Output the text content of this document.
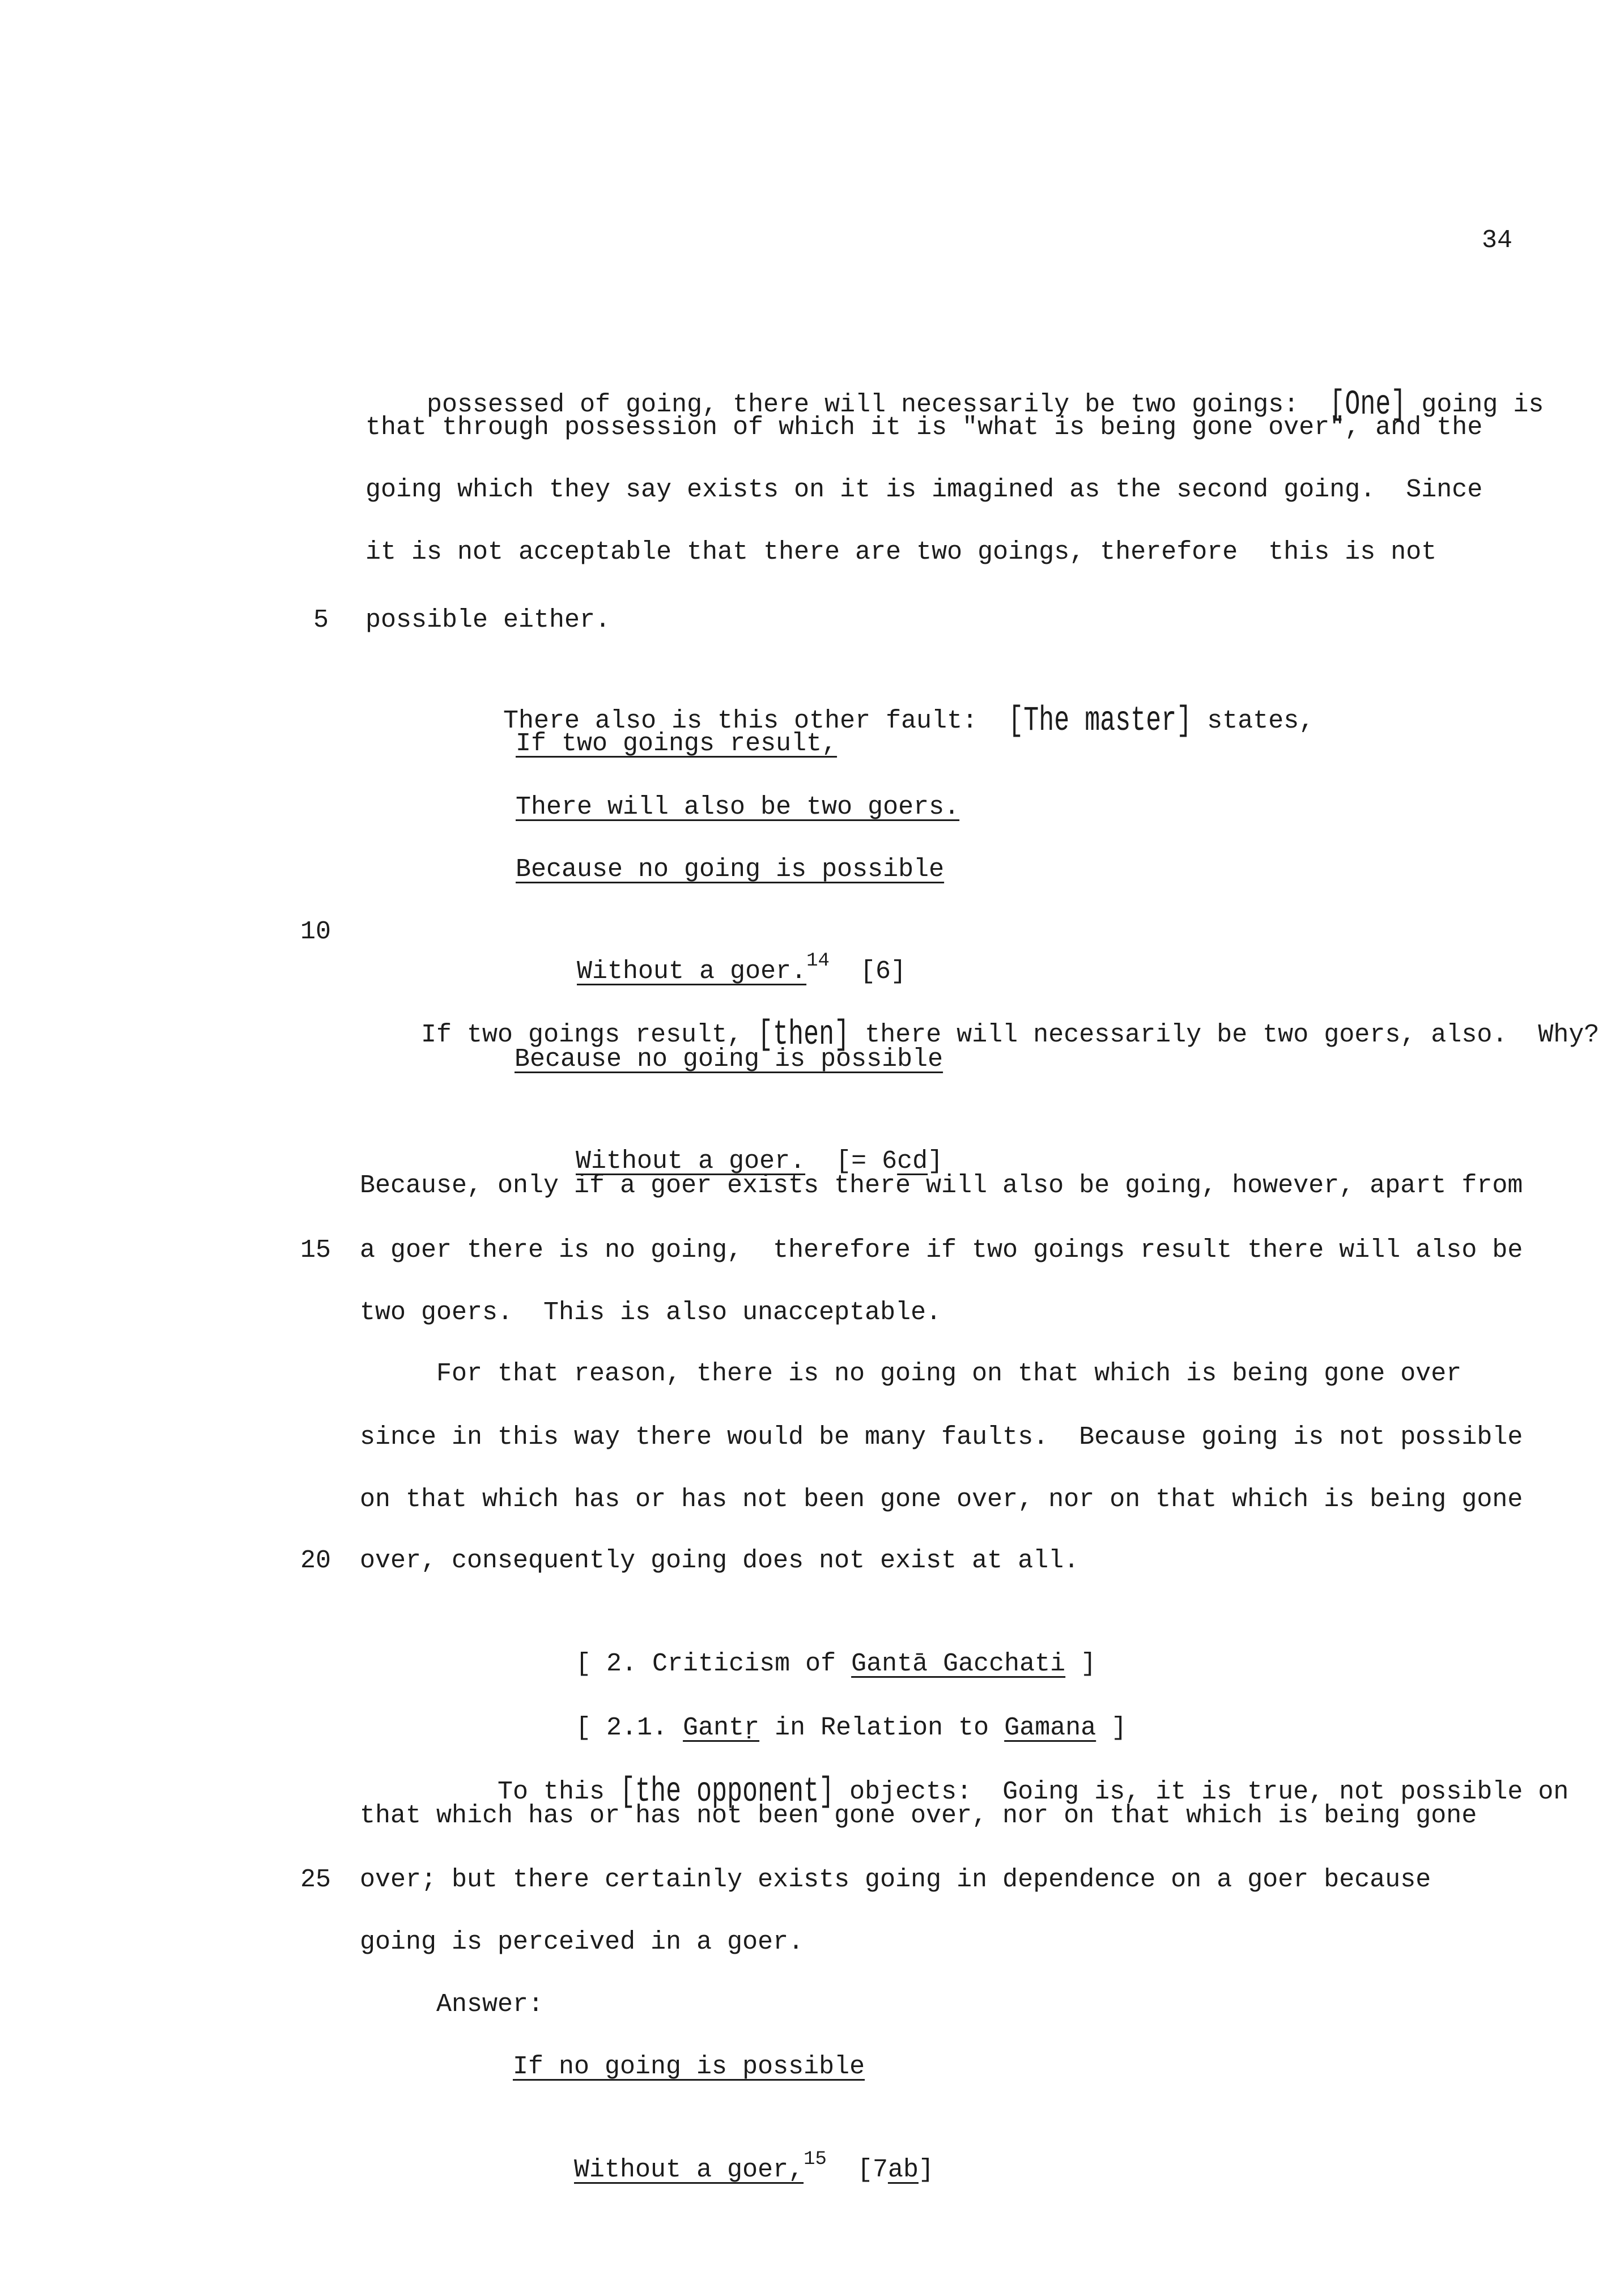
34
5
10
15
20
25

possessed of going, there will necessarily be two goings: [One] going is

that through possession of which it is "what is being gone over", and the
going which they say exists on it is imagined as the second going.  Since
it is not acceptable that there are two goings, therefore  this is not
possible either.

There also is this other fault: [The master] states,

If two goings result,
There will also be two goers.
Because no going is possible

Without a goer.$^{14}$ [6]

If two goings result, [then] there will necessarily be two goers, also.  Why?

Because no going is possible

Without a goer. [= 6cd]

Because, only if a goer exists there will also be going, however, apart from
a goer there is no going,  therefore if two goings result there will also be
two goers.  This is also unacceptable.
For that reason, there is no going on that which is being gone over
since in this way there would be many faults.  Because going is not possible
on that which has or has not been gone over, nor on that which is being gone
over, consequently going does not exist at all.

[ 2. Criticism of Gantā Gacchati ]

[ 2.1. Gantṛ in Relation to Gamana ]

To this [the opponent] objects:  Going is, it is true, not possible on

that which has or has not been gone over, nor on that which is being gone
over; but there certainly exists going in dependence on a goer because
going is perceived in a goer.
Answer:
If no going is possible

Without a goer,$^{15}$ [7ab]
